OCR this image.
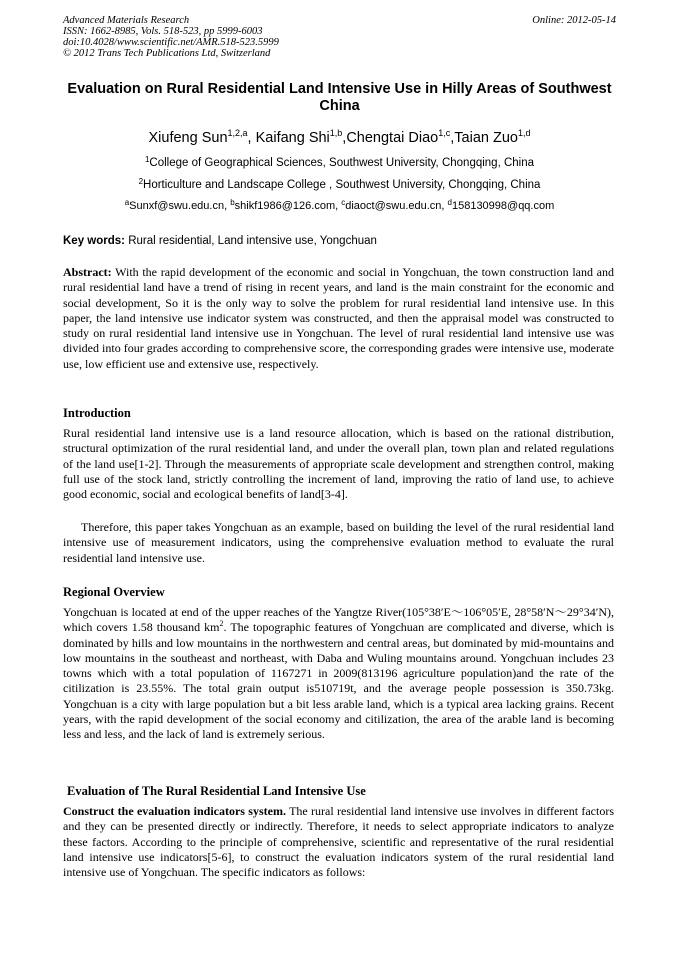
Advanced Materials Research
ISSN: 1662-8985, Vols. 518-523, pp 5999-6003
doi:10.4028/www.scientific.net/AMR.518-523.5999
© 2012 Trans Tech Publications Ltd, Switzerland
Online: 2012-05-14
Evaluation on Rural Residential Land Intensive Use in Hilly Areas of Southwest China
Xiufeng Sun$^{1,2,a}$, Kaifang Shi$^{1,b}$,Chengtai Diao$^{1,c}$,Taian Zuo$^{1,d}$
$^1$College of Geographical Sciences, Southwest University, Chongqing, China
$^2$Horticulture and Landscape College , Southwest University, Chongqing, China
$^a$Sunxf@swu.edu.cn, $^b$shikf1986@126.com, $^c$diaoct@swu.edu.cn, $^d$158130998@qq.com
Key words: Rural residential, Land intensive use, Yongchuan
Abstract: With the rapid development of the economic and social in Yongchuan, the town construction land and rural residential land have a trend of rising in recent years, and land is the main constraint for the economic and social development, So it is the only way to solve the problem for rural residential land intensive use. In this paper, the land intensive use indicator system was constructed, and then the appraisal model was constructed to study on rural residential land intensive use in Yongchuan. The level of rural residential land intensive use was divided into four grades according to comprehensive score, the corresponding grades were intensive use, moderate use, low efficient use and extensive use, respectively.
Introduction
Rural residential land intensive use is a land resource allocation, which is based on the rational distribution, structural optimization of the rural residential land, and under the overall plan, town plan and related regulations of the land use[1-2]. Through the measurements of appropriate scale development and strengthen control, making full use of the stock land, strictly controlling the increment of land, improving the ratio of land use, to achieve good economic, social and ecological benefits of land[3-4].
Therefore, this paper takes Yongchuan as an example, based on building the level of the rural residential land intensive use of measurement indicators, using the comprehensive evaluation method to evaluate the rural residential land intensive use.
Regional Overview
Yongchuan is located at end of the upper reaches of the Yangtze River(105°38′E～106°05′E, 28°58′N～29°34′N), which covers 1.58 thousand $km^2$. The topographic features of Yongchuan are complicated and diverse, which is dominated by hills and low mountains in the northwestern and central areas, but dominated by mid-mountains and low mountains in the southeast and northeast, with Daba and Wuling mountains around. Yongchuan includes 23 towns which with a total population of 1167271 in 2009(813196 agriculture population)and the rate of the citilization is 23.55%. The total grain output is510719t, and the average people possession is 350.73kg. Yongchuan is a city with large population but a bit less arable land, which is a typical area lacking grains. Recent years, with the rapid development of the social economy and citilization, the area of the arable land is becoming less and less, and the lack of land is extremely serious.
Evaluation of The Rural Residential Land Intensive Use
Construct the evaluation indicators system. The rural residential land intensive use involves in different factors and they can be presented directly or indirectly. Therefore, it needs to select appropriate indicators to analyze these factors. According to the principle of comprehensive, scientific and representative of the rural residential land intensive use indicators[5-6], to construct the evaluation indicators system of the rural residential land intensive use of Yongchuan. The specific indicators as follows:
